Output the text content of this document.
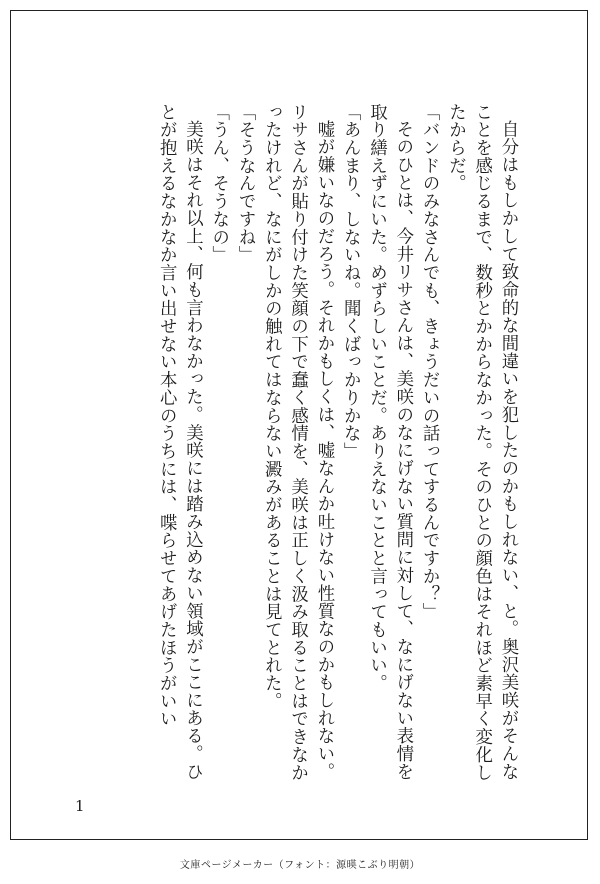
自分はもしかして致命的な間違いを犯したのかもしれない、と。奥沢美咲がそんなことを感じるまで、数秒とかからなかった。そのひとの顔色はそれほど素早く変化したからだ。

「バンドのみなさんでも、きょうだいの話ってするんですか？」

そのひとは、今井リサさんは、美咲のなにげない質問に対して、なにげない表情を取り繕えずにいた。めずらしいことだ。ありえないことと言ってもいい。

「あんまり、しないね。聞くばっかりかな」

嘘が嫌いなのだろう。それかもしくは、嘘なんか吐けない性質なのかもしれない。リサさんが貼り付けた笑顔の下で蠢く感情を、美咲は正しく汲み取ることはできなかったけれど、なにがしかの触れてはならない澱みがあることは見てとれた。

「そうなんですね」

「うん、そうなの」

美咲はそれ以上、何も言わなかった。美咲には踏み込めない領域がここにある。ひとが抱えるなかなか言い出せない本心のうちには、喋らせてあげたほうがいい

1
文庫ページメーカー（フォント：源暎こぶり明朝）
